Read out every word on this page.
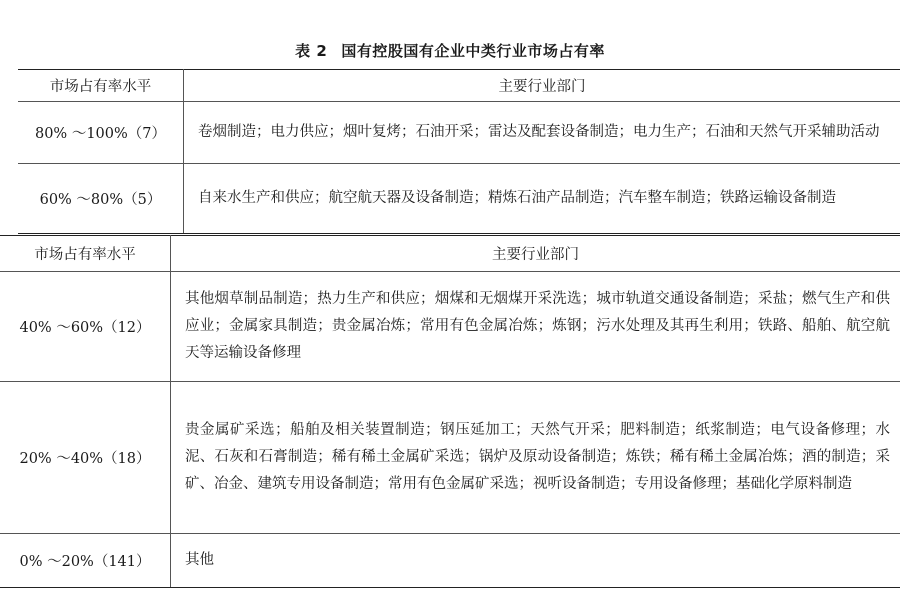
表 2 国有控股国有企业中类行业市场占有率
市场占有率水平	主要行业部门
80% ～100%（7）	卷烟制造；电力供应；烟叶复烤；石油开采；雷达及配套设备制造；电力生产；石油和天然气开采辅助活动
60% ～80%（5）	自来水生产和供应；航空航天器及设备制造；精炼石油产品制造；汽车整车制造；铁路运输设备制造
市场占有率水平	主要行业部门
40% ～60%（12）	其他烟草制品制造；热力生产和供应；烟煤和无烟煤开采洗选；城市轨道交通设备制造；采盐；燃气生产和供应业；金属家具制造；贵金属冶炼；常用有色金属冶炼；炼钢；污水处理及其再生利用；铁路、船舶、航空航天等运输设备修理
20% ～40%（18）	贵金属矿采选；船舶及相关装置制造；钢压延加工；天然气开采；肥料制造；纸浆制造；电气设备修理；水泥、石灰和石膏制造；稀有稀土金属矿采选；锅炉及原动设备制造；炼铁；稀有稀土金属冶炼；酒的制造；采矿、冶金、建筑专用设备制造；常用有色金属矿采选；视听设备制造；专用设备修理；基础化学原料制造
0% ～20%（141）	其他
